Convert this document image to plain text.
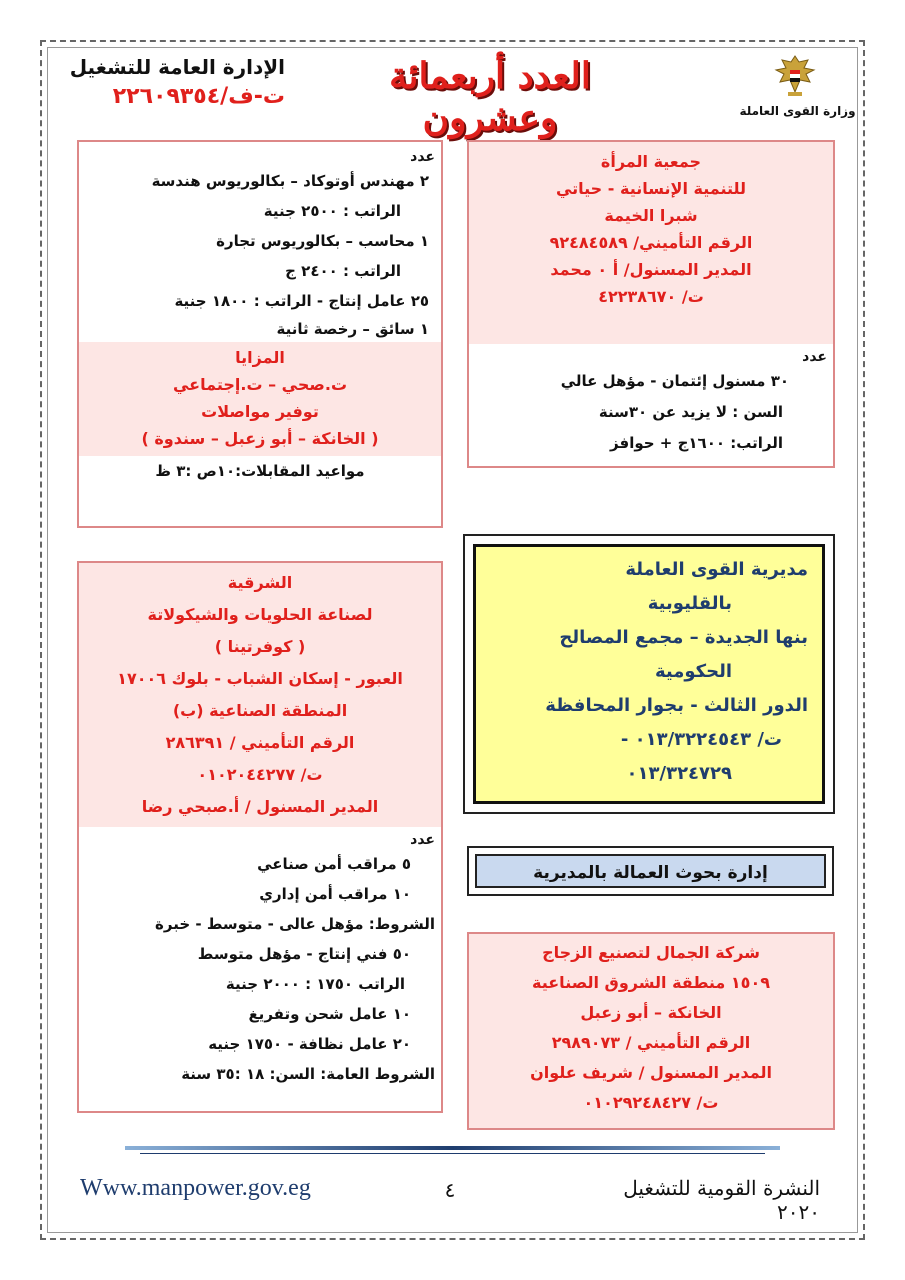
وزارة القوى العاملة
العدد أربعمائة وعشرون
الإدارة العامة للتشغيل
ت-ف/٢٢٦٠٩٣٥٤
جمعية المرأة
للتنمية الإنسانية - حياتي
شبرا الخيمة
الرقم التأميني/ ٩٢٤٨٤٥٨٩
المدير المسنول/ أ ٠ محمد
ت/ ٤٢٢٣٨٦٧٠
عدد
٣٠ مسنول إئتمان - مؤهل عالي
السن : لا يزيد عن ٣٠سنة
الراتب: ١٦٠٠ج + حوافز
عدد
٢ مهندس أوتوكاد – بكالوريوس هندسة
الراتب : ٢٥٠٠ جنية
١ محاسب – بكالوريوس تجارة
الراتب : ٢٤٠٠ ج
٢٥ عامل إنتاج - الراتب : ١٨٠٠ جنية
١ سائق – رخصة ثانية
المزايا
ت.صحي – ت.إجتماعي
توفير مواصلات
( الخانكة – أبو زعبل – سندوة )
مواعيد المقابلات:١٠ص :٣ ظ
الشرقية
لصناعة الحلويات والشيكولاتة
( كوفرتينا )
العبور - إسكان الشباب - بلوك ١٧٠٠٦
المنطقة الصناعية (ب)
الرقم التأميني / ٢٨٦٣٩١
ت/ ٠١٠٢٠٤٤٢٧٧
المدير المسنول / أ.صبحي رضا
عدد
٥ مراقب أمن صناعي
١٠ مراقب أمن إداري
الشروط: مؤهل عالى - متوسط - خبرة
٥٠ فني إنتاج - مؤهل متوسط
الراتب ١٧٥٠ : ٢٠٠٠ جنية
١٠ عامل شحن وتفريغ
٢٠ عامل نظافة - ١٧٥٠ جنيه
الشروط العامة: السن: ١٨ :٣٥ سنة
مديرية القوى العاملة
بالقليوبية
بنها الجديدة – مجمع المصالح
الحكومية
الدور الثالث - بجوار المحافظة
ت/ ٠١٣/٣٢٢٤٥٤٣ -
٠١٣/٣٢٤٧٢٩
إدارة بحوث العمالة بالمديرية
شركة الجمال لتصنيع الزجاج
١٥٠٩ منطقة الشروق الصناعية
الخانكة – أبو زعبل
الرقم التأميني / ٢٩٨٩٠٧٣
المدير المسنول / شريف علوان
ت/ ٠١٠٢٩٢٤٨٤٢٧
Www.manpower.gov.eg	٤	النشرة القومية للتشغيل ٢٠٢٠
